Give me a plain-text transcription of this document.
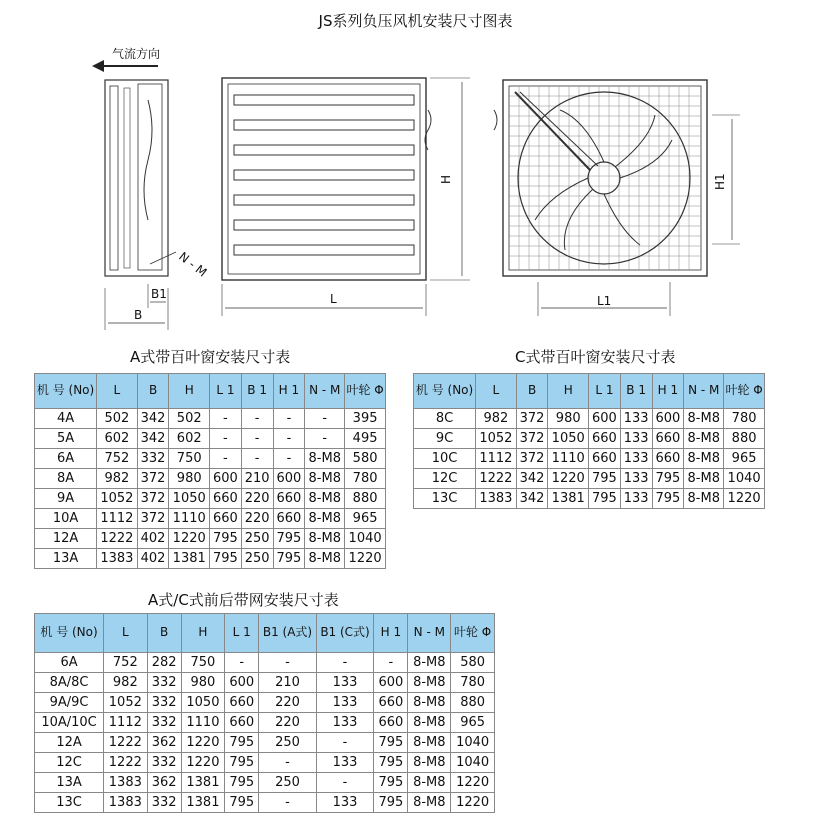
JS系列负压风机安装尺寸图表
气流方向
N - M
B1
B
L
H	H1
L1
A式带百叶窗安装尺寸表
机 号 (No)	L	B	H	L 1	B 1	H 1	N - M	叶轮 Φ
4A	502	342	502	-	-	-	-	395
5A	602	342	602	-	-	-	-	495
6A	752	332	750	-	-	-	8-M8	580
8A	982	372	980	600	210	600	8-M8	780
9A	1052	372	1050	660	220	660	8-M8	880
10A	1112	372	1110	660	220	660	8-M8	965
12A	1222	402	1220	795	250	795	8-M8	1040
13A	1383	402	1381	795	250	795	8-M8	1220
C式带百叶窗安装尺寸表
机 号 (No)	L	B	H	L 1	B 1	H 1	N - M	叶轮 Φ
8C	982	372	980	600	133	600	8-M8	780
9C	1052	372	1050	660	133	660	8-M8	880
10C	1112	372	1110	660	133	660	8-M8	965
12C	1222	342	1220	795	133	795	8-M8	1040
13C	1383	342	1381	795	133	795	8-M8	1220
A式/C式前后带网安装尺寸表
机 号 (No)	L	B	H	L 1	B1 (A式)	B1 (C式)	H 1	N - M	叶轮 Φ
6A	752	282	750	-	-	-	-	8-M8	580
8A/8C	982	332	980	600	210	133	600	8-M8	780
9A/9C	1052	332	1050	660	220	133	660	8-M8	880
10A/10C	1112	332	1110	660	220	133	660	8-M8	965
12A	1222	362	1220	795	250	-	795	8-M8	1040
12C	1222	332	1220	795	-	133	795	8-M8	1040
13A	1383	362	1381	795	250	-	795	8-M8	1220
13C	1383	332	1381	795	-	133	795	8-M8	1220
